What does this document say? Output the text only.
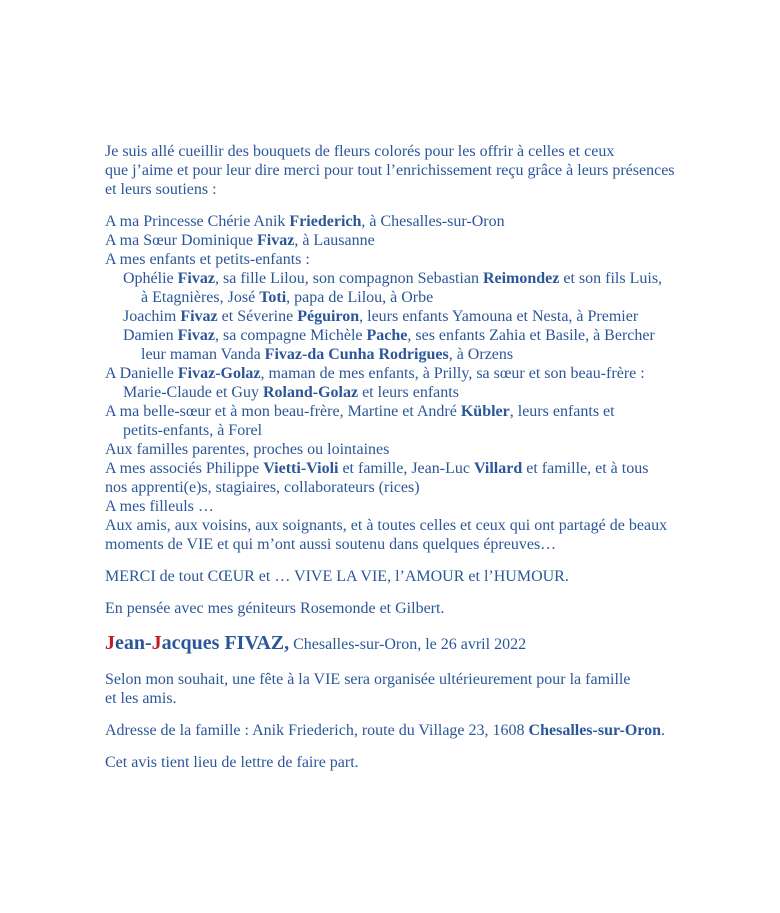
Je suis allé cueillir des bouquets de fleurs colorés pour les offrir à celles et ceux
que j’aime et pour leur dire merci pour tout l’enrichissement reçu grâce à leurs présences
et leurs soutiens :
A ma Princesse Chérie Anik Friederich, à Chesalles-sur-Oron
A ma Sœur Dominique Fivaz, à Lausanne
A mes enfants et petits-enfants :
Ophélie Fivaz, sa fille Lilou, son compagnon Sebastian Reimondez et son fils Luis,
à Etagnières, José Toti, papa de Lilou, à Orbe
Joachim Fivaz et Séverine Péguiron, leurs enfants Yamouna et Nesta, à Premier
Damien Fivaz, sa compagne Michèle Pache, ses enfants Zahia et Basile, à Bercher
leur maman Vanda Fivaz-da Cunha Rodrigues, à Orzens
A Danielle Fivaz-Golaz, maman de mes enfants, à Prilly, sa sœur et son beau-frère :
Marie-Claude et Guy Roland-Golaz et leurs enfants
A ma belle-sœur et à mon beau-frère, Martine et André Kübler, leurs enfants et
petits-enfants, à Forel
Aux familles parentes, proches ou lointaines
A mes associés Philippe Vietti-Violi et famille, Jean-Luc Villard et famille, et à tous
nos apprenti(e)s, stagiaires, collaborateurs (rices)
A mes filleuls …
Aux amis, aux voisins, aux soignants, et à toutes celles et ceux qui ont partagé de beaux
moments de VIE et qui m’ont aussi soutenu dans quelques épreuves…
MERCI de tout CŒUR et … VIVE LA VIE, l’AMOUR et l’HUMOUR.
En pensée avec mes géniteurs Rosemonde et Gilbert.
Jean-Jacques FIVAZ, Chesalles-sur-Oron, le 26 avril 2022
Selon mon souhait, une fête à la VIE sera organisée ultérieurement pour la famille
et les amis.
Adresse de la famille : Anik Friederich, route du Village 23, 1608 Chesalles-sur-Oron.
Cet avis tient lieu de lettre de faire part.
